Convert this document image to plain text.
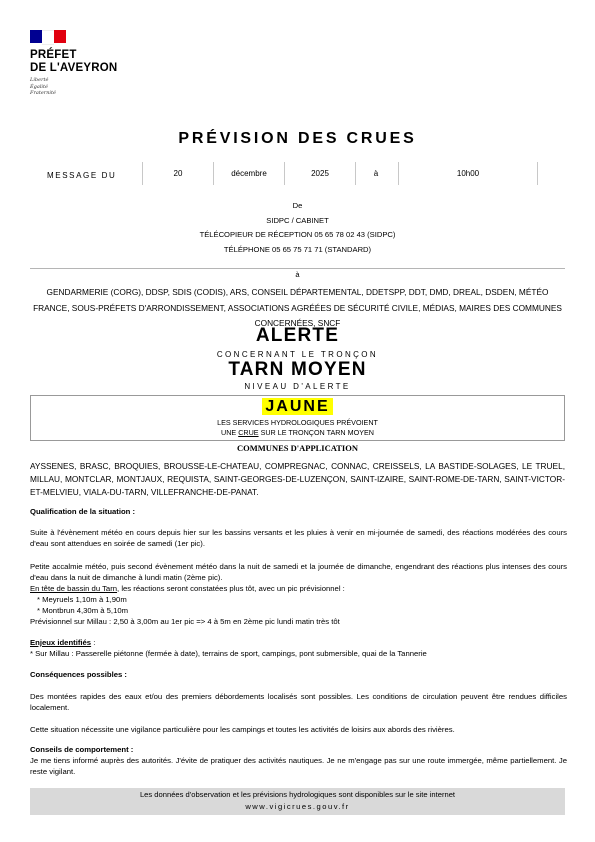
PRÉFET
DE L'AVEYRON
Liberté
Égalité
Fraternité
PRÉVISION DES CRUES
MESSAGE DU	20	décembre	2025	à	10h00
De
SIDPC / CABINET
TÉLÉCOPIEUR DE RÉCEPTION 05 65 78 02 43 (SIDPC)
TÉLÉPHONE 05 65 75 71 71 (STANDARD)
à
GENDARMERIE (CORG), DDSP, SDIS (CODIS), ARS, CONSEIL DÉPARTEMENTAL, DDETSPP, DDT, DMD, DREAL, DSDEN, MÉTÉO FRANCE, SOUS-PRÉFETS D'ARRONDISSEMENT, ASSOCIATIONS AGRÉÉES DE SÉCURITÉ CIVILE, MÉDIAS, MAIRES DES COMMUNES CONCERNÉES, SNCF
ALERTE
CONCERNANT LE TRONÇON
TARN MOYEN
NIVEAU D'ALERTE
JAUNE
LES SERVICES HYDROLOGIQUES PRÉVOIENT
UNE CRUE SUR LE TRONÇON TARN MOYEN
COMMUNES D'APPLICATION
AYSSENES, BRASC, BROQUIES, BROUSSE-LE-CHATEAU, COMPREGNAC, CONNAC, CREISSELS, LA BASTIDE-SOLAGES, LE TRUEL, MILLAU, MONTCLAR, MONTJAUX, REQUISTA, SAINT-GEORGES-DE-LUZENÇON, SAINT-IZAIRE, SAINT-ROME-DE-TARN, SAINT-VICTOR-ET-MELVIEU, VIALA-DU-TARN, VILLEFRANCHE-DE-PANAT.
Qualification de la situation :
Suite à l'évènement météo en cours depuis hier sur les bassins versants et les pluies à venir en mi-journée de samedi, des réactions modérées des cours d'eau sont attendues en soirée de samedi (1er pic).
Petite accalmie météo, puis second évènement météo dans la nuit de samedi et la journée de dimanche, engendrant des réactions plus intenses des cours d'eau dans la nuit de dimanche à lundi matin (2ème pic).
En tête de bassin du Tarn, les réactions seront constatées plus tôt, avec un pic prévisionnel :
* Meyruels 1,10m à 1,90m
* Montbrun 4,30m à 5,10m
Prévisionnel sur Millau : 2,50 à 3,00m au 1er pic => 4 à 5m en 2ème pic lundi matin très tôt
Enjeux identifiés :
* Sur Millau : Passerelle piétonne (fermée à date), terrains de sport, campings, pont submersible, quai de la Tannerie
Conséquences possibles :
Des montées rapides des eaux et/ou des premiers débordements localisés sont possibles. Les conditions de circulation peuvent être rendues difficiles localement.
Cette situation nécessite une vigilance particulière pour les campings et toutes les activités de loisirs aux abords des rivières.
Conseils de comportement :
Je me tiens informé auprès des autorités. J'évite de pratiquer des activités nautiques. Je ne m'engage pas sur une route immergée, même partiellement. Je reste vigilant.
Les données d'observation et les prévisions hydrologiques sont disponibles sur le site internet
www.vigicrues.gouv.fr
